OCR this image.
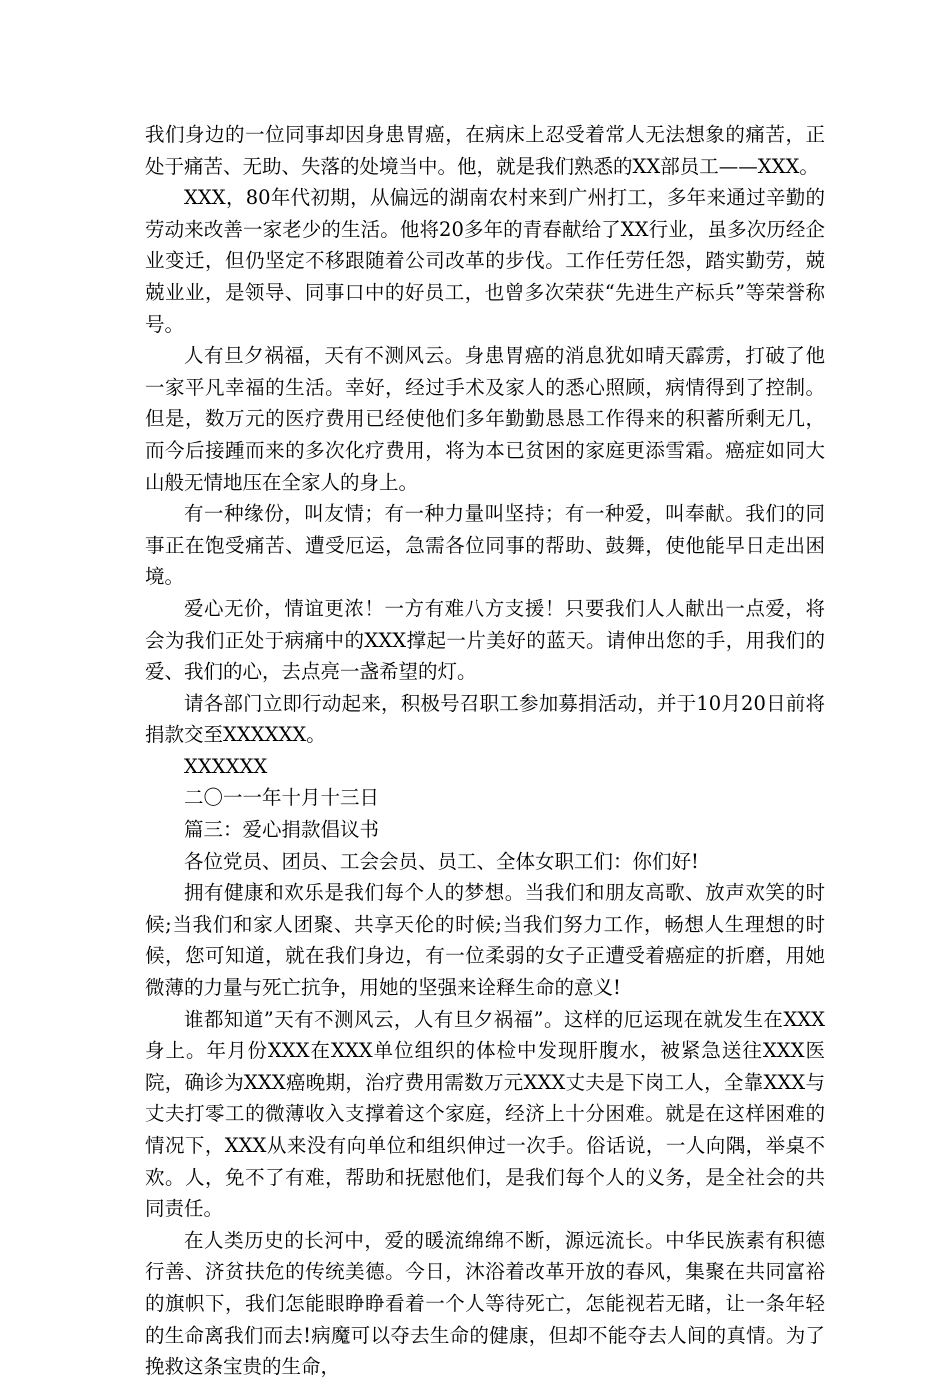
我们身边的一位同事却因身患胃癌，在病床上忍受着常人无法想象的痛苦，正处于痛苦、无助、失落的处境当中。他，就是我们熟悉的XX部员工——XXX。

XXX，80年代初期，从偏远的湖南农村来到广州打工，多年来通过辛勤的劳动来改善一家老少的生活。他将20多年的青春献给了XX行业，虽多次历经企业变迁，但仍坚定不移跟随着公司改革的步伐。工作任劳任怨，踏实勤劳，兢兢业业，是领导、同事口中的好员工，也曾多次荣获“先进生产标兵”等荣誉称号。

人有旦夕祸福，天有不测风云。身患胃癌的消息犹如晴天霹雳，打破了他一家平凡幸福的生活。幸好，经过手术及家人的悉心照顾，病情得到了控制。但是，数万元的医疗费用已经使他们多年勤勤恳恳工作得来的积蓄所剩无几，而今后接踵而来的多次化疗费用，将为本已贫困的家庭更添雪霜。癌症如同大山般无情地压在全家人的身上。

有一种缘份，叫友情；有一种力量叫坚持；有一种爱，叫奉献。我们的同事正在饱受痛苦、遭受厄运，急需各位同事的帮助、鼓舞，使他能早日走出困境。

爱心无价，情谊更浓！一方有难八方支援！只要我们人人献出一点爱，将会为我们正处于病痛中的XXX撑起一片美好的蓝天。请伸出您的手，用我们的爱、我们的心，去点亮一盏希望的灯。

请各部门立即行动起来，积极号召职工参加募捐活动，并于10月20日前将捐款交至XXXXXX。

XXXXXX

二〇一一年十月十三日

篇三：爱心捐款倡议书

各位党员、团员、工会会员、员工、全体女职工们：你们好!

拥有健康和欢乐是我们每个人的梦想。当我们和朋友高歌、放声欢笑的时候;当我们和家人团聚、共享天伦的时候;当我们努力工作，畅想人生理想的时候，您可知道，就在我们身边，有一位柔弱的女子正遭受着癌症的折磨，用她微薄的力量与死亡抗争，用她的坚强来诠释生命的意义!

谁都知道”天有不测风云，人有旦夕祸福”。这样的厄运现在就发生在XXX身上。年月份XXX在XXX单位组织的体检中发现肝腹水，被紧急送往XXX医院，确诊为XXX癌晚期，治疗费用需数万元XXX丈夫是下岗工人，全靠XXX与丈夫打零工的微薄收入支撑着这个家庭，经济上十分困难。就是在这样困难的情况下，XXX从来没有向单位和组织伸过一次手。俗话说，一人向隅，举桌不欢。人，免不了有难，帮助和抚慰他们，是我们每个人的义务，是全社会的共同责任。

在人类历史的长河中，爱的暖流绵绵不断，源远流长。中华民族素有积德行善、济贫扶危的传统美德。今日，沐浴着改革开放的春风，集聚在共同富裕的旗帜下，我们怎能眼睁睁看着一个人等待死亡，怎能视若无睹，让一条年轻的生命离我们而去!病魔可以夺去生命的健康，但却不能夺去人间的真情。为了挽救这条宝贵的生命，
